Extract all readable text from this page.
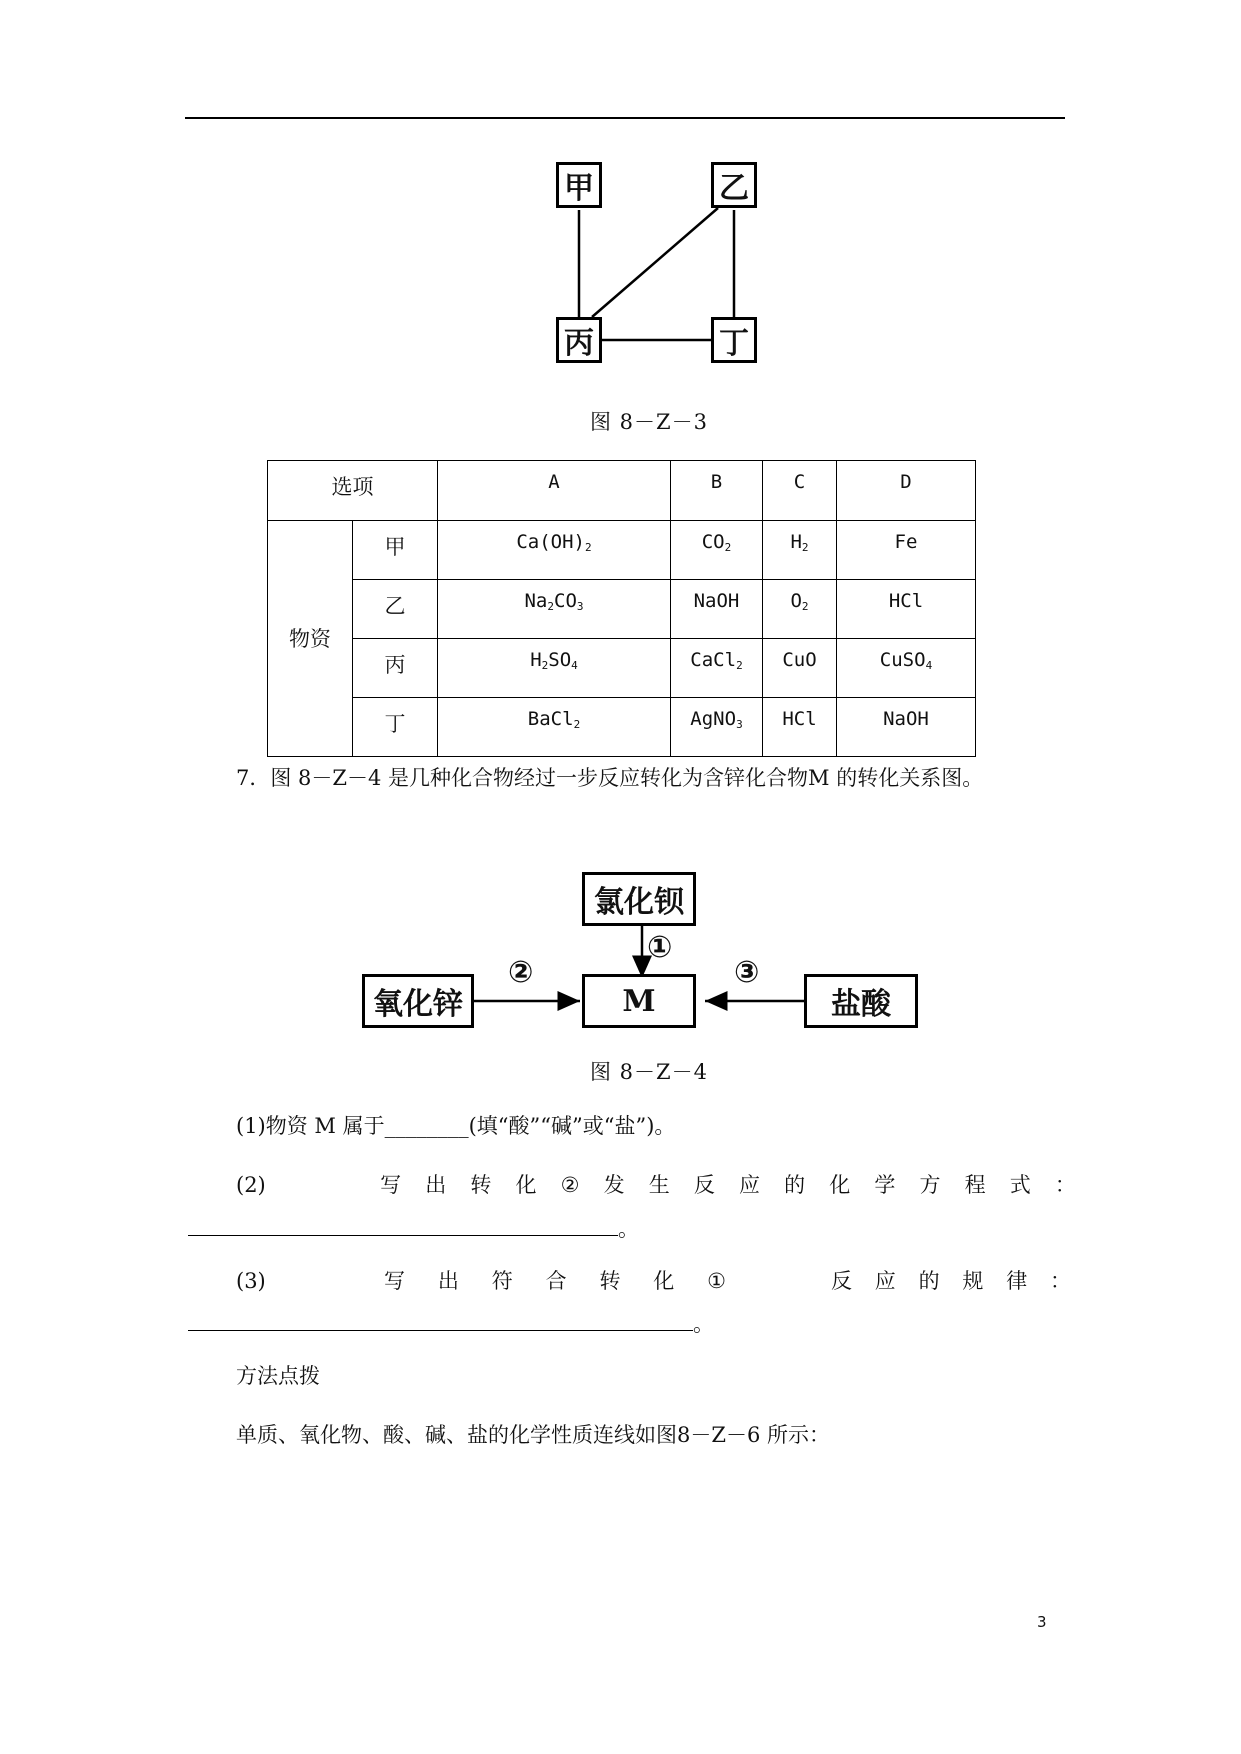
甲	乙
丙	丁
图 8－Z－3
选项		A	B	C	D
物资	甲	$Ca(OH)_2$	$CO_2$	$H_2$	Fe
	乙	$Na_2CO_3$	NaOH	$O_2$	HCl
	丙	$H_2SO_4$	CaCl$_2$	CuO	CuSO$_4$
	丁	BaCl$_2$	AgNO$_3$	HCl	NaOH
7．图 8－Z－4 是几种化合物经过一步反应转化为含锌化合物M 的转化关系图。
氯化钡
氧化锌	M	盐酸
①
②	③
图 8－Z－4
(1)物资 M 属于________(填“酸”“碱”或“盐”)。
(2)	写 出 转 化 ② 发 生 反 应 的 化 学 方 程 式 ：
。
(3)	写 出 符 合 转 化 ①	反 应 的 规 律 ：
。
方法点拨
单质、氧化物、酸、碱、盐的化学性质连线如图8－Z－6 所示：
3
